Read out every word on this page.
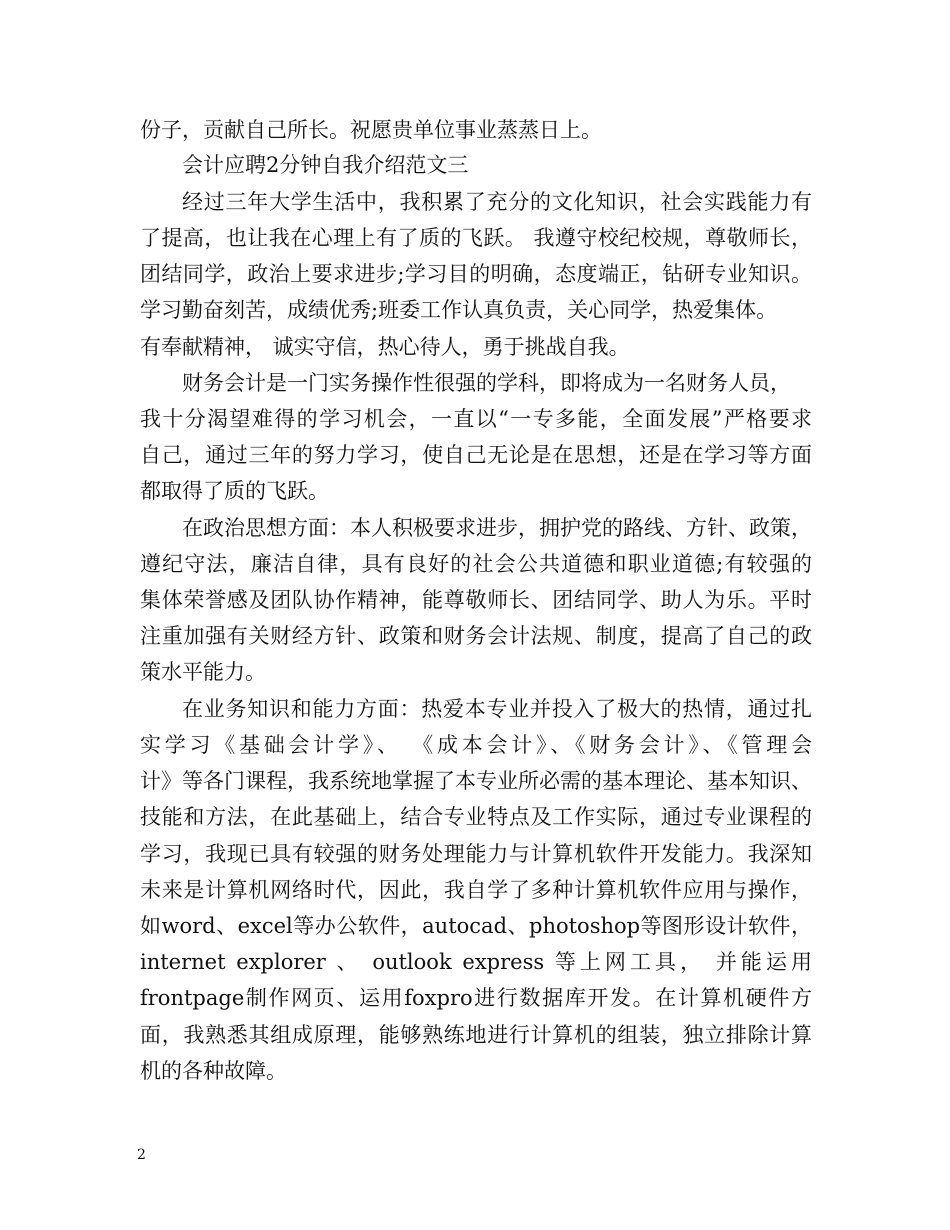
份子，贡献自己所长。祝愿贵单位事业蒸蒸日上。
会计应聘2分钟自我介绍范文三
经过三年大学生活中，我积累了充分的文化知识，社会实践能力有
了提高，也让我在心理上有了质的飞跃。 我遵守校纪校规，尊敬师长，
团结同学，政治上要求进步;学习目的明确，态度端正，钻研专业知识。
学习勤奋刻苦，成绩优秀;班委工作认真负责，关心同学，热爱集体。
有奉献精神， 诚实守信，热心待人，勇于挑战自我。
财务会计是一门实务操作性很强的学科，即将成为一名财务人员，
我十分渴望难得的学习机会，一直以“一专多能，全面发展”严格要求
自己，通过三年的努力学习，使自己无论是在思想，还是在学习等方面
都取得了质的飞跃。
在政治思想方面：本人积极要求进步，拥护党的路线、方针、政策，
遵纪守法，廉洁自律，具有良好的社会公共道德和职业道德;有较强的
集体荣誉感及团队协作精神，能尊敬师长、团结同学、助人为乐。平时
注重加强有关财经方针、政策和财务会计法规、制度，提高了自己的政
策水平能力。
在业务知识和能力方面：热爱本专业并投入了极大的热情，通过扎
实学习《基础会计学》、 《成本会计》、《财务会计》、《管理会
计》等各门课程，我系统地掌握了本专业所必需的基本理论、基本知识、
技能和方法，在此基础上，结合专业特点及工作实际，通过专业课程的
学习，我现已具有较强的财务处理能力与计算机软件开发能力。我深知
未来是计算机网络时代，因此，我自学了多种计算机软件应用与操作，
如word、excel等办公软件，autocad、photoshop等图形设计软件，
internet explorer 、 outlook express 等上网工具， 并能运用
frontpage制作网页、运用foxpro进行数据库开发。在计算机硬件方
面，我熟悉其组成原理，能够熟练地进行计算机的组装，独立排除计算
机的各种故障。
2
